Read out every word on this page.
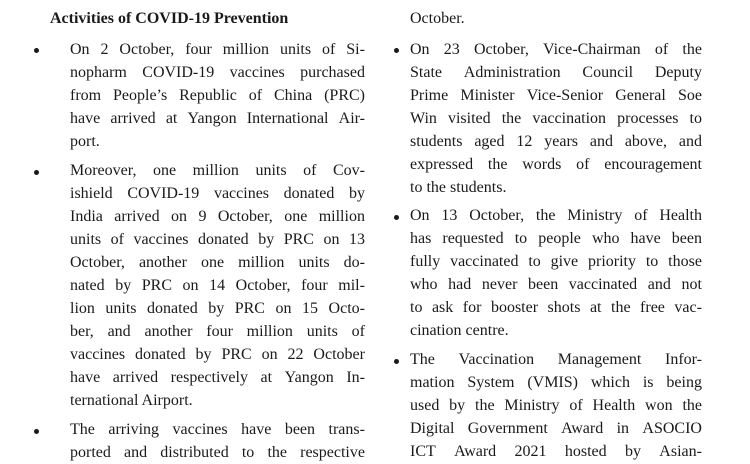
Activities of COVID-19 Prevention
On 2 October, four million units of Si-
nopharm COVID-19 vaccines purchased
from People’s Republic of China (PRC)
have arrived at Yangon International Air-
port.
Moreover, one million units of Cov-
ishield COVID-19 vaccines donated by
India arrived on 9 October, one million
units of vaccines donated by PRC on 13
October, another one million units do-
nated by PRC on 14 October, four mil-
lion units donated by PRC on 15 Octo-
ber, and another four million units of
vaccines donated by PRC on 22 October
have arrived respectively at Yangon In-
ternational Airport.
The arriving vaccines have been trans-
ported and distributed to the respective
October.
On 23 October, Vice-Chairman of the
State Administration Council Deputy
Prime Minister Vice-Senior General Soe
Win visited the vaccination processes to
students aged 12 years and above, and
expressed the words of encouragement
to the students.
On 13 October, the Ministry of Health
has requested to people who have been
fully vaccinated to give priority to those
who had never been vaccinated and not
to ask for booster shots at the free vac-
cination centre.
The Vaccination Management Infor-
mation System (VMIS) which is being
used by the Ministry of Health won the
Digital Government Award in ASOCIO
ICT Award 2021 hosted by Asian-
